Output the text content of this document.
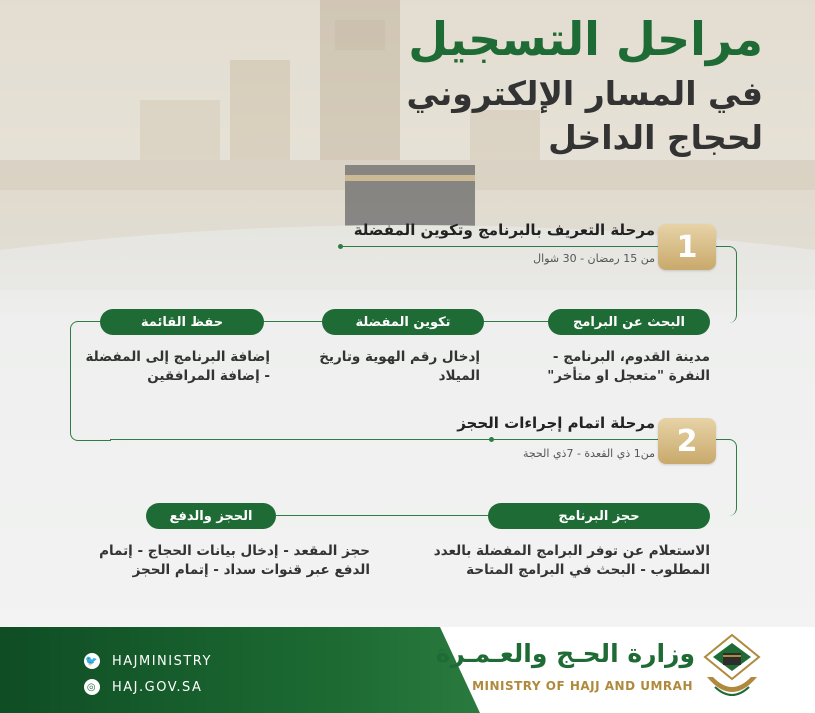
مراحل التسجيل
في المسار الإلكتروني
لحجاج الداخل
1
مرحلة التعريف بالبرنامج وتكوين المفضلة
من 15 رمضان - 30 شوال
البحث عن البرامج
تكوين المفضلة
حفظ القائمة
مدينة القدوم، البرنامج - النفرة "متعجل او متأخر"
إدخال رقم الهوية وتاريخ الميلاد
إضافة البرنامج إلى المفضلة - إضافة المرافقين
2
مرحلة اتمام إجراءات الحجز
من1 ذي القعدة - 7ذي الحجة
حجز البرنامج
الحجز والدفع
الاستعلام عن توفر البرامج المفضلة بالعدد المطلوب - البحث في البرامج المتاحة
حجز المقعد - إدخال بيانات الحجاج - إتمام الدفع عبر قنوات سداد - إتمام الحجز
🐦 HAJMINISTRY
◎ HAJ.GOV.SA
وزارة الحـج والعـمـرة
MINISTRY OF HAJJ AND UMRAH
